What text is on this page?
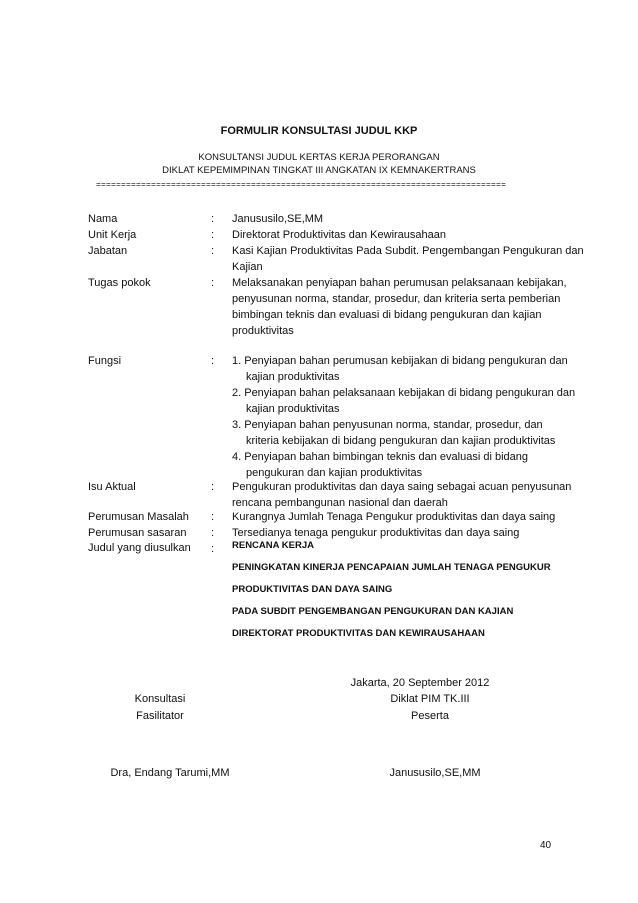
FORMULIR KONSULTASI JUDUL KKP
KONSULTANSI JUDUL KERTAS KERJA PERORANGAN
DIKLAT KEPEMIMPINAN TINGKAT III ANGKATAN IX KEMNAKERTRANS
==================================================================================
Nama	: Janususilo,SE,MM
Unit Kerja	: Direktorat Produktivitas dan Kewirausahaan
Jabatan	: Kasi Kajian Produktivitas Pada Subdit. Pengembangan Pengukuran dan Kajian
Tugas pokok	: Melaksanakan penyiapan bahan perumusan pelaksanaan kebijakan, penyusunan norma, standar, prosedur, dan kriteria serta pemberian bimbingan teknis dan evaluasi di bidang pengukuran dan kajian produktivitas
Fungsi	: 1. Penyiapan bahan perumusan kebijakan di bidang pengukuran dan
kajian produktivitas
2. Penyiapan bahan pelaksanaan kebijakan di bidang pengukuran dan
kajian produktivitas
3. Penyiapan bahan penyusunan norma, standar, prosedur, dan
kriteria kebijakan di bidang pengukuran dan kajian produktivitas
4. Penyiapan bahan bimbingan teknis dan evaluasi di bidang
pengukuran dan kajian produktivitas
Isu Aktual	: Pengukuran produktivitas dan daya saing sebagai acuan penyusunan rencana pembangunan nasional dan daerah
Perumusan Masalah	: Kurangnya Jumlah Tenaga Pengukur produktivitas dan daya saing
Perumusan sasaran	: Tersedianya tenaga pengukur produktivitas dan daya saing
Judul yang diusulkan	: RENCANA KERJA
PENINGKATAN KINERJA PENCAPAIAN JUMLAH TENAGA PENGUKUR
PRODUKTIVITAS DAN DAYA SAING
PADA SUBDIT PENGEMBANGAN PENGUKURAN DAN KAJIAN
DIREKTORAT PRODUKTIVITAS DAN KEWIRAUSAHAAN
Jakarta, 20 September 2012
Konsultasi
Fasilitator
Diklat PIM TK.III
Peserta
Dra, Endang Tarumi,MM	Janususilo,SE,MM
40
